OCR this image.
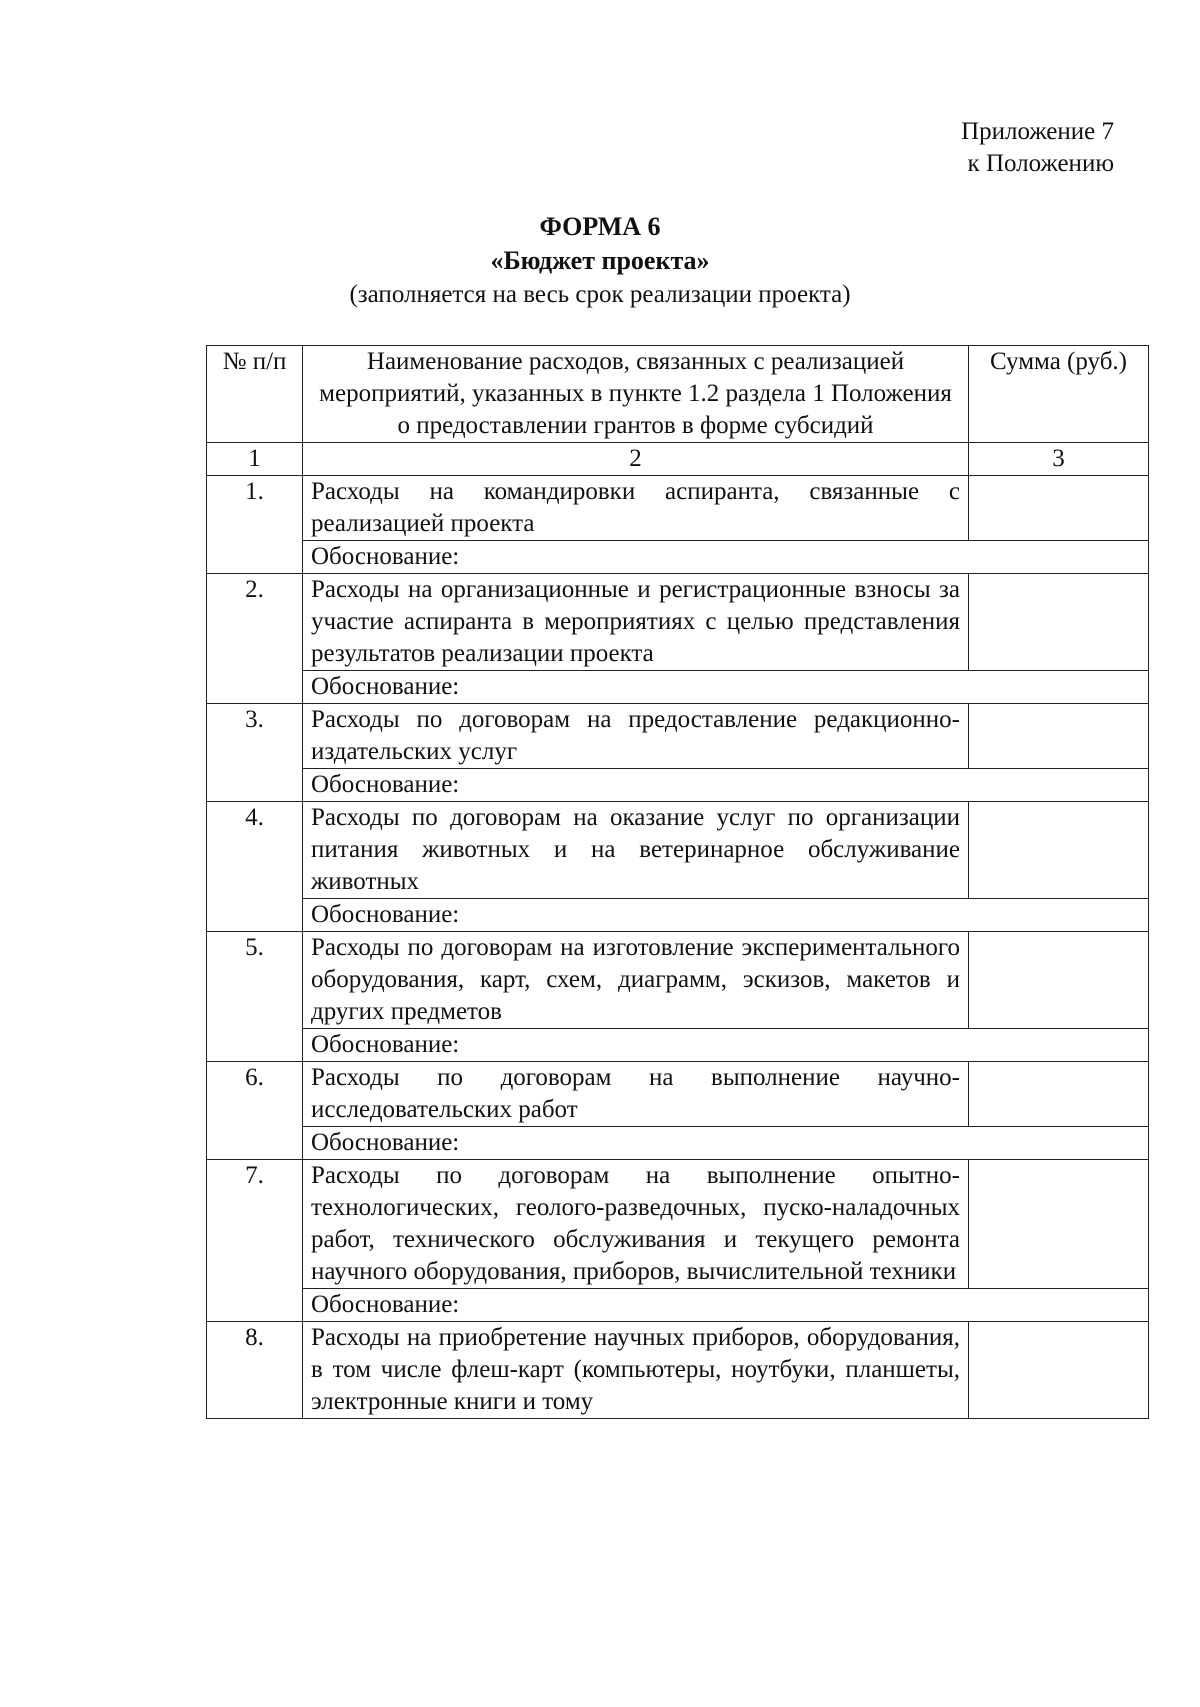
Приложение 7
к Положению
ФОРМА 6
«Бюджет проекта»
(заполняется на весь срок реализации проекта)
№ п/п	Наименование расходов, связанных с реализацией мероприятий, указанных в пункте 1.2 раздела 1 Положения о предоставлении грантов в форме субсидий	Сумма (руб.)
1	2	3
1.	Расходы на командировки аспиранта, связанные с реализацией проекта	
	Обоснование:	
2.	Расходы на организационные и регистрационные взносы за участие аспиранта в мероприятиях с целью представления результатов реализации проекта	
	Обоснование:	
3.	Расходы по договорам на предоставление редакционно-издательских услуг	
	Обоснование:	
4.	Расходы по договорам на оказание услуг по организации питания животных и на ветеринарное обслуживание животных	
	Обоснование:	
5.	Расходы по договорам на изготовление экспериментального оборудования, карт, схем, диаграмм, эскизов, макетов и других предметов	
	Обоснование:	
6.	Расходы по договорам на выполнение научно-исследовательских работ	
	Обоснование:	
7.	Расходы по договорам на выполнение опытно-технологических, геолого-разведочных, пуско-наладочных работ, технического обслуживания и текущего ремонта научного оборудования, приборов, вычислительной техники	
	Обоснование:	
8.	Расходы на приобретение научных приборов, оборудования, в том числе флеш-карт (компьютеры, ноутбуки, планшеты, электронные книги и тому	
